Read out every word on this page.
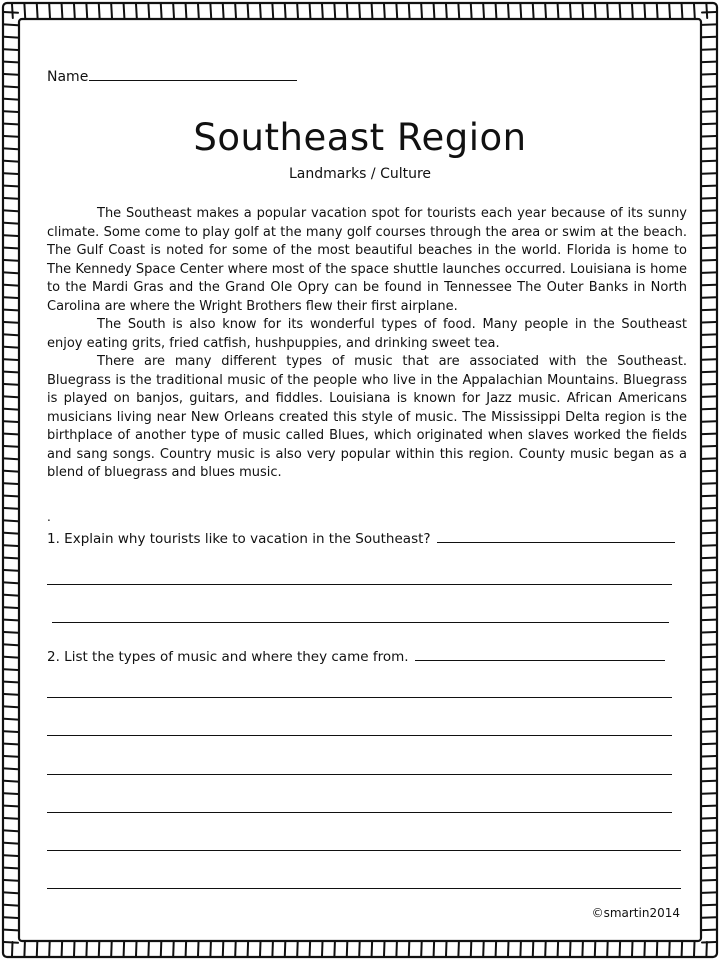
Name
Southeast Region
Landmarks / Culture

The Southeast makes a popular vacation spot for tourists each year because of its sunny climate. Some come to play golf at the many golf courses through the area or swim at the beach. The Gulf Coast is noted for some of the most beautiful beaches in the world. Florida is home to The Kennedy Space Center where most of the space shuttle launches occurred. Louisiana is home to the Mardi Gras and the Grand Ole Opry can be found in Tennessee The Outer Banks in North Carolina are where the Wright Brothers flew their first airplane.

The South is also know for its wonderful types of food. Many people in the Southeast enjoy eating grits, fried catfish, hushpuppies, and drinking sweet tea.

There are many different types of music that are associated with the Southeast. Bluegrass is the traditional music of the people who live in the Appalachian Mountains. Bluegrass is played on banjos, guitars, and fiddles. Louisiana is known for Jazz music. African Americans musicians living near New Orleans created this style of music. The Mississippi Delta region is the birthplace of another type of music called Blues, which originated when slaves worked the fields and sang songs. Country music is also very popular within this region. County music began as a blend of bluegrass and blues music.

.
1. Explain why tourists like to vacation in the Southeast?
2. List the types of music and where they came from.
©smartin2014
